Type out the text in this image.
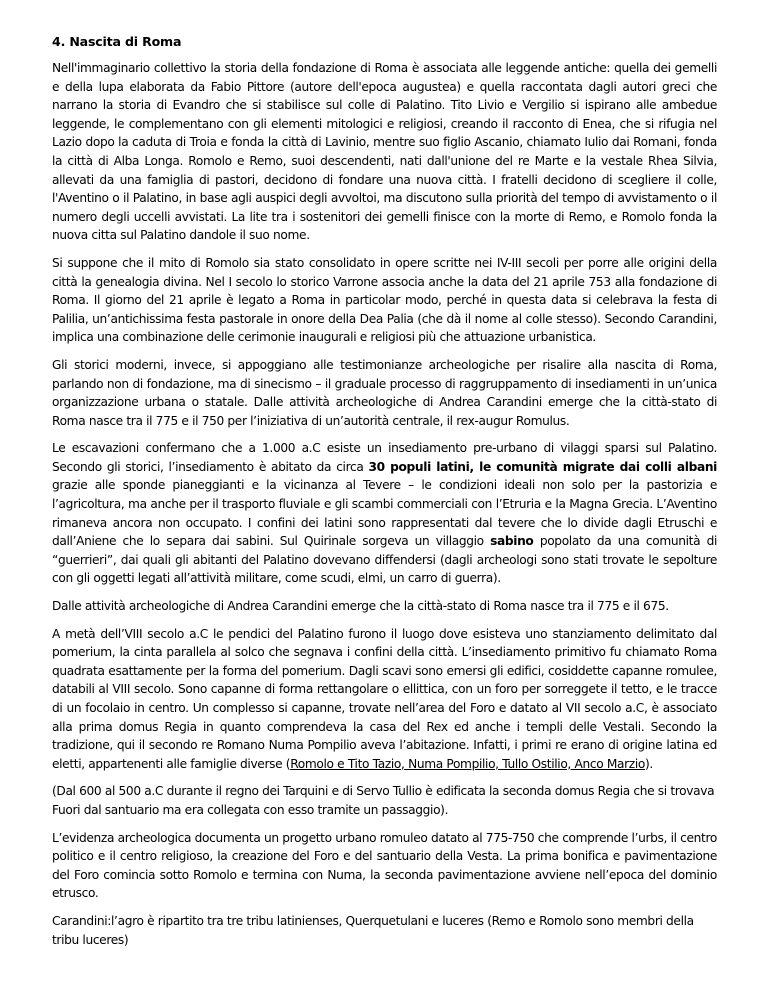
4. Nascita di Roma

Nell'immaginario collettivo la storia della fondazione di Roma è associata alle leggende antiche: quella dei gemelli e della lupa elaborata da Fabio Pittore (autore dell'epoca augustea) e quella raccontata dagli autori greci che narrano la storia di Evandro che si stabilisce sul colle di Palatino. Tito Livio e Vergilio si ispirano alle ambedue leggende, le complementano con gli elementi mitologici e religiosi, creando il racconto di Enea, che si rifugia nel Lazio dopo la caduta di Troia e fonda la città di Lavinio, mentre suo figlio Ascanio, chiamato Iulio dai Romani, fonda la città di Alba Longa. Romolo e Remo, suoi descendenti, nati dall'unione del re Marte e la vestale Rhea Silvia, allevati da una famiglia di pastori, decidono di fondare una nuova città. I fratelli decidono di scegliere il colle, l'Aventino o il Palatino, in base agli auspici degli avvoltoi, ma discutono sulla priorità del tempo di avvistamento o il numero degli uccelli avvistati. La lite tra i sostenitori dei gemelli finisce con la morte di Remo, e Romolo fonda la nuova citta sul Palatino dandole il suo nome.

Si suppone che il mito di Romolo sia stato consolidato in opere scritte nei IV-III secoli per porre alle origini della città la genealogia divina. Nel I secolo lo storico Varrone associa anche la data del 21 aprile 753 alla fondazione di Roma. Il giorno del 21 aprile è legato a Roma in particolar modo, perché in questa data si celebrava la festa di Palilia, un’antichissima festa pastorale in onore della Dea Palia (che dà il nome al colle stesso). Secondo Carandini, implica una combinazione delle cerimonie inaugurali e religiosi più che attuazione urbanistica.

Gli storici moderni, invece, si appoggiano alle testimonianze archeologiche per risalire alla nascita di Roma, parlando non di fondazione, ma di sinecismo – il graduale processo di raggruppamento di insediamenti in un’unica organizzazione urbana o statale. Dalle attività archeologiche di Andrea Carandini emerge che la città-stato di Roma nasce tra il 775 e il 750 per l’iniziativa di un’autorità centrale, il rex-augur Romulus.

Le escavazioni confermano che a 1.000 a.C esiste un insediamento pre-urbano di vilaggi sparsi sul Palatino. Secondo gli storici, l’insediamento è abitato da circa 30 populi latini, le comunità migrate dai colli albani grazie alle sponde pianeggianti e la vicinanza al Tevere – le condizioni ideali non solo per la pastorizia e l’agricoltura, ma anche per il trasporto fluviale e gli scambi commerciali con l’Etruria e la Magna Grecia. L’Aventino rimaneva ancora non occupato. I confini dei latini sono rappresentati dal tevere che lo divide dagli Etruschi e dall’Aniene che lo separa dai sabini. Sul Quirinale sorgeva un villaggio sabino popolato da una comunità di “guerrieri”, dai quali gli abitanti del Palatino dovevano diffendersi (dagli archeologi sono stati trovate le sepolture con gli oggetti legati all’attività militare, come scudi, elmi, un carro di guerra).

Dalle attività archeologiche di Andrea Carandini emerge che la città-stato di Roma nasce tra il 775 e il 675.

A metà dell’VIII secolo a.C le pendici del Palatino furono il luogo dove esisteva uno stanziamento delimitato dal pomerium, la cinta parallela al solco che segnava i confini della città. L’insediamento primitivo fu chiamato Roma quadrata esattamente per la forma del pomerium. Dagli scavi sono emersi gli edifici, cosiddette capanne romulee, databili al VIII secolo. Sono capanne di forma rettangolare o ellittica, con un foro per sorreggete il tetto, e le tracce di un focolaio in centro. Un complesso si capanne, trovate nell’area del Foro e datato al VII secolo a.C, è associato alla prima domus Regia in quanto comprendeva la casa del Rex ed anche i templi delle Vestali. Secondo la tradizione, qui il secondo re Romano Numa Pompilio aveva l’abitazione. Infatti, i primi re erano di origine latina ed eletti, appartenenti alle famiglie diverse (Romolo e Tito Tazio, Numa Pompilio, Tullo Ostilio, Anco Marzio).

(Dal 600 al 500 a.C durante il regno dei Tarquini e di Servo Tullio è edificata la seconda domus Regia che si trovava Fuori dal santuario ma era collegata con esso tramite un passaggio).

L’evidenza archeologica documenta un progetto urbano romuleo datato al 775-750 che comprende l’urbs, il centro politico e il centro religioso, la creazione del Foro e del santuario della Vesta. La prima bonifica e pavimentazione del Foro comincia sotto Romolo e termina con Numa, la seconda pavimentazione avviene nell’epoca del dominio etrusco.

Carandini:l’agro è ripartito tra tre tribu latinienses, Querquetulani e luceres (Remo e Romolo sono membri della tribu luceres)
